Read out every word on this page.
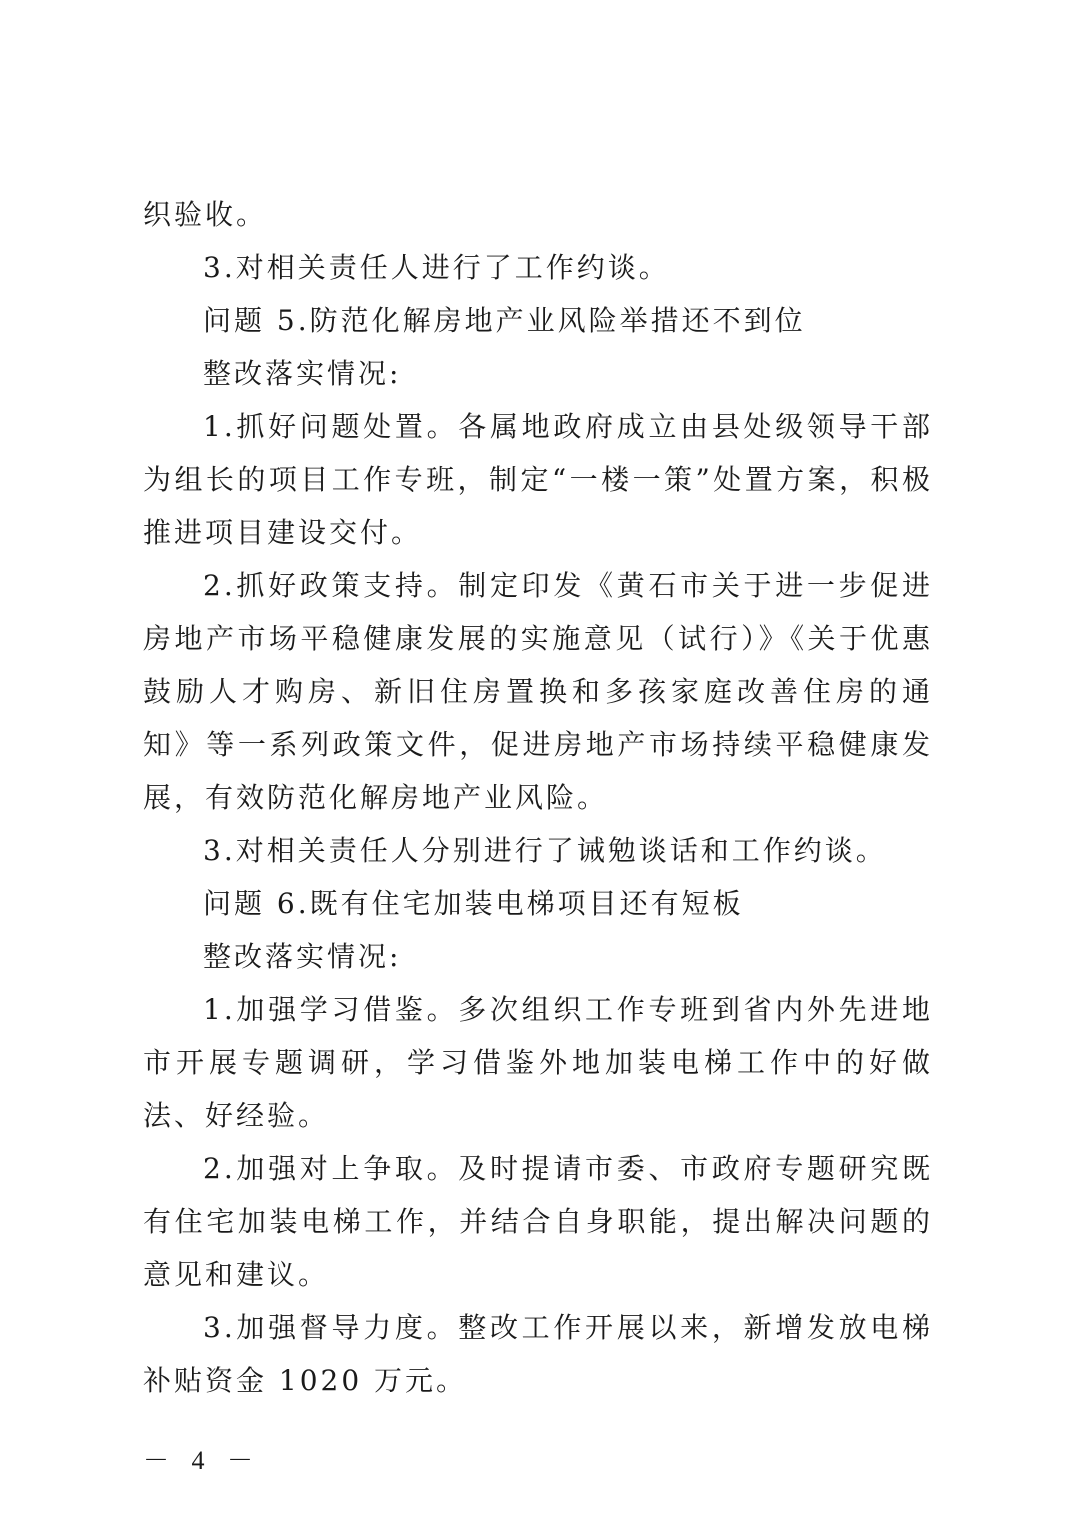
织验收。

3.对相关责任人进行了工作约谈。

问题 5.防范化解房地产业风险举措还不到位

整改落实情况:

1.抓好问题处置。各属地政府成立由县处级领导干部为组长的项目工作专班，制定“一楼一策”处置方案，积极推进项目建设交付。

2.抓好政策支持。制定印发《黄石市关于进一步促进房地产市场平稳健康发展的实施意见（试行）》《关于优惠鼓励人才购房、新旧住房置换和多孩家庭改善住房的通知》等一系列政策文件，促进房地产市场持续平稳健康发展，有效防范化解房地产业风险。

3.对相关责任人分别进行了诫勉谈话和工作约谈。

问题 6.既有住宅加装电梯项目还有短板

整改落实情况:

1.加强学习借鉴。多次组织工作专班到省内外先进地市开展专题调研，学习借鉴外地加装电梯工作中的好做法、好经验。

2.加强对上争取。及时提请市委、市政府专题研究既有住宅加装电梯工作，并结合自身职能，提出解决问题的意见和建议。

3.加强督导力度。整改工作开展以来，新增发放电梯补贴资金 1020 万元。

－ 4 －
